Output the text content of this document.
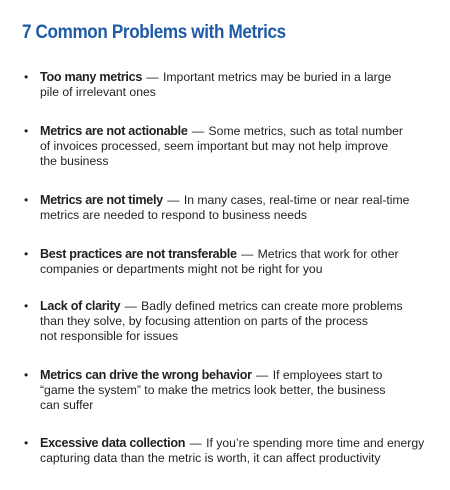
7 Common Problems with Metrics
• Too many metrics — Important metrics may be buried in a large
pile of irrelevant ones
• Metrics are not actionable — Some metrics, such as total number
of invoices processed, seem important but may not help improve
the business
• Metrics are not timely — In many cases, real-time or near real-time
metrics are needed to respond to business needs
• Best practices are not transferable — Metrics that work for other
companies or departments might not be right for you
• Lack of clarity — Badly defined metrics can create more problems
than they solve, by focusing attention on parts of the process
not responsible for issues
• Metrics can drive the wrong behavior — If employees start to
“game the system” to make the metrics look better, the business
can suffer
• Excessive data collection — If you’re spending more time and energy
capturing data than the metric is worth, it can affect productivity
